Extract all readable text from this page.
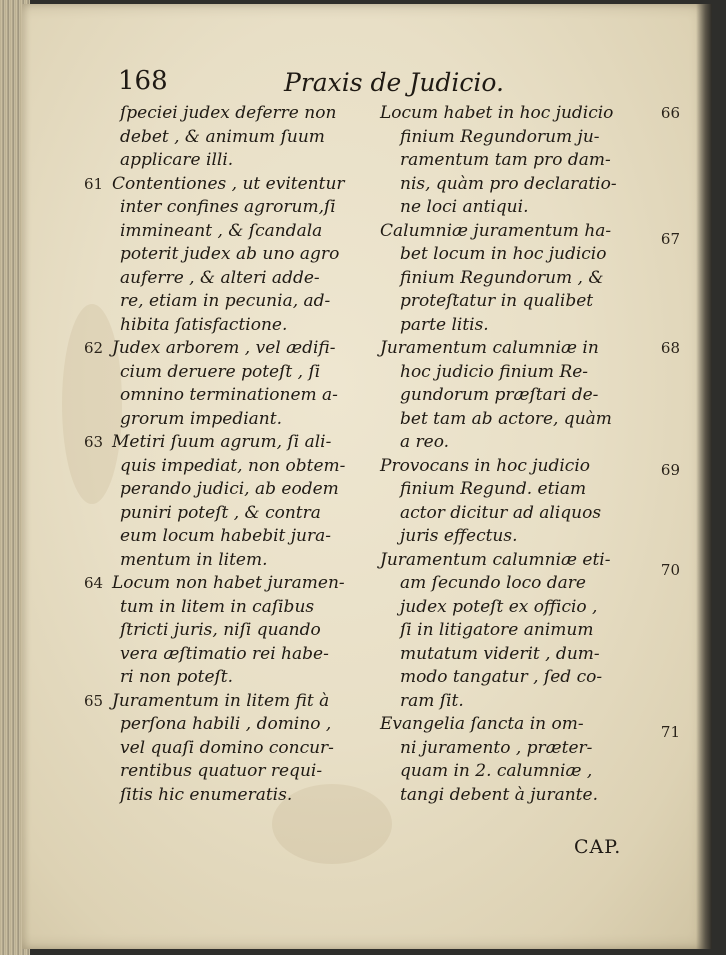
168	Praxis de Judicio.
ſpeciei judex deferre non
debet , & animum ſuum
applicare illi.
61 Contentiones , ut evitentur
inter confines agrorum,ſi
immineant , & ſcandala
poterit judex ab uno agro
auferre , & alteri adde-
re, etiam in pecunia, ad-
hibita ſatisfactione.
62 Judex arborem , vel ædifi-
cium deruere poteſt , ſi
omnino terminationem a-
grorum impediant.
63 Metiri ſuum agrum, ſi ali-
quis impediat, non obtem-
perando judici, ab eodem
puniri poteſt , & contra
eum locum habebit jura-
mentum in litem.
64 Locum non habet juramen-
tum in litem in caſibus
ſtricti juris, niſi quando
vera æſtimatio rei habe-
ri non poteſt.
65 Juramentum in litem fit à
perſona habili , domino ,
vel quaſi domino concur-
rentibus quatuor requi-
ſitis hic enumeratis.
66
Locum habet in hoc judicio
finium Regundorum ju-
ramentum tam pro dam-
nis, quàm pro declaratio-
ne loci antiqui.
67
Calumniæ juramentum ha-
bet locum in hoc judicio
finium Regundorum , &
proteſtatur in qualibet
parte litis.
68
Juramentum calumniæ in
hoc judicio finium Re-
gundorum præſtari de-
bet tam ab actore, quàm
a reo.
69
Provocans in hoc judicio
finium Regund. etiam
actor dicitur ad aliquos
juris effectus.
70
Juramentum calumniæ eti-
am ſecundo loco dare
judex poteſt ex officio ,
ſi in litigatore animum
mutatum viderit , dum-
modo tangatur , ſed co-
ram ſit.
71
Evangelia ſancta in om-
ni juramento , præter-
quam in 2. calumniæ ,
tangi debent à jurante.
CAP.
